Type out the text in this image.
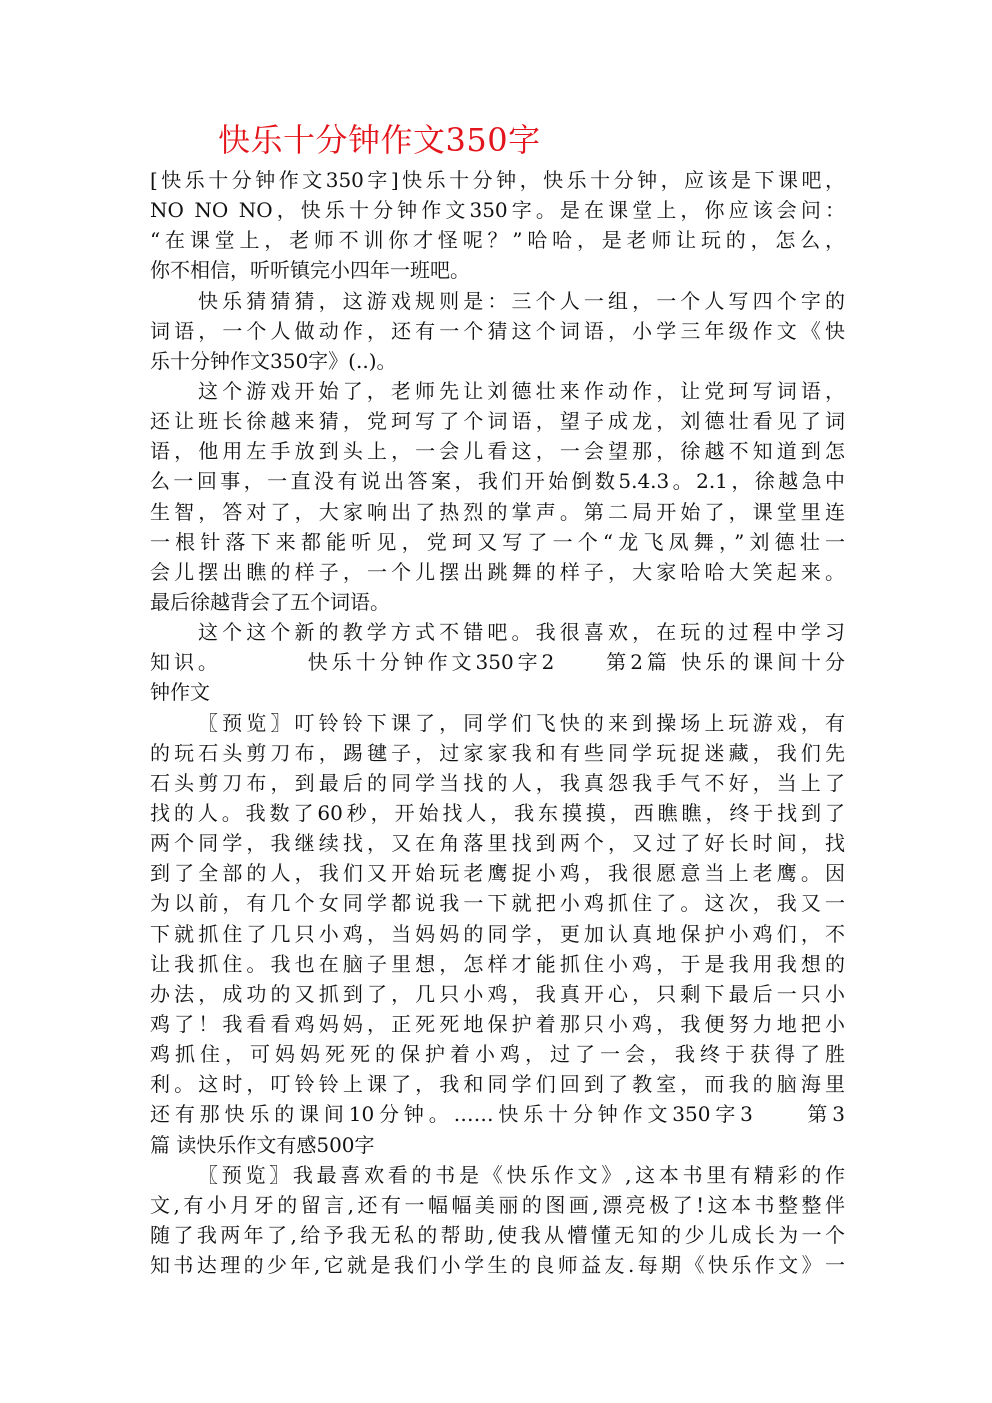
快乐十分钟作文350字
[快乐十分钟作文350字]快乐十分钟，快乐十分钟，应该是下课吧，
NO NO NO，快乐十分钟作文350字。是在课堂上，你应该会问：
“在课堂上，老师不训你才怪呢？”哈哈，是老师让玩的，怎么，
你不相信，听听镇完小四年一班吧。
快乐猜猜猜，这游戏规则是：三个人一组，一个人写四个字的
词语，一个人做动作，还有一个猜这个词语，小学三年级作文《快
乐十分钟作文350字》(..)。
这个游戏开始了，老师先让刘德壮来作动作，让党珂写词语，
还让班长徐越来猜，党珂写了个词语，望子成龙，刘德壮看见了词
语，他用左手放到头上，一会儿看这，一会望那，徐越不知道到怎
么一回事，一直没有说出答案，我们开始倒数5.4.3。2.1，徐越急中
生智，答对了，大家响出了热烈的掌声。第二局开始了，课堂里连
一根针落下来都能听见，党珂又写了一个“龙飞凤舞，”刘德壮一
会儿摆出瞧的样子，一个儿摆出跳舞的样子，大家哈哈大笑起来。
最后徐越背会了五个词语。
这个这个新的教学方式不错吧。我很喜欢，在玩的过程中学习
知识。　　　　快乐十分钟作文350字2　　第2篇 快乐的课间十分
钟作文
〖预览〗叮铃铃下课了，同学们飞快的来到操场上玩游戏，有
的玩石头剪刀布，踢毽子，过家家我和有些同学玩捉迷藏，我们先
石头剪刀布，到最后的同学当找的人，我真怨我手气不好，当上了
找的人。我数了60秒，开始找人，我东摸摸，西瞧瞧，终于找到了
两个同学，我继续找，又在角落里找到两个，又过了好长时间，找
到了全部的人，我们又开始玩老鹰捉小鸡，我很愿意当上老鹰。因
为以前，有几个女同学都说我一下就把小鸡抓住了。这次，我又一
下就抓住了几只小鸡，当妈妈的同学，更加认真地保护小鸡们，不
让我抓住。我也在脑子里想，怎样才能抓住小鸡，于是我用我想的
办法，成功的又抓到了，几只小鸡，我真开心，只剩下最后一只小
鸡了！我看看鸡妈妈，正死死地保护着那只小鸡，我便努力地把小
鸡抓住，可妈妈死死的保护着小鸡，过了一会，我终于获得了胜
利。这时，叮铃铃上课了，我和同学们回到了教室，而我的脑海里
还有那快乐的课间10分钟。……快乐十分钟作文350字3　　第3
篇 读快乐作文有感500字
〖预览〗我最喜欢看的书是《快乐作文》,这本书里有精彩的作
文,有小月牙的留言,还有一幅幅美丽的图画,漂亮极了!这本书整整伴
随了我两年了,给予我无私的帮助,使我从懵懂无知的少儿成长为一个
知书达理的少年,它就是我们小学生的良师益友.每期《快乐作文》一
